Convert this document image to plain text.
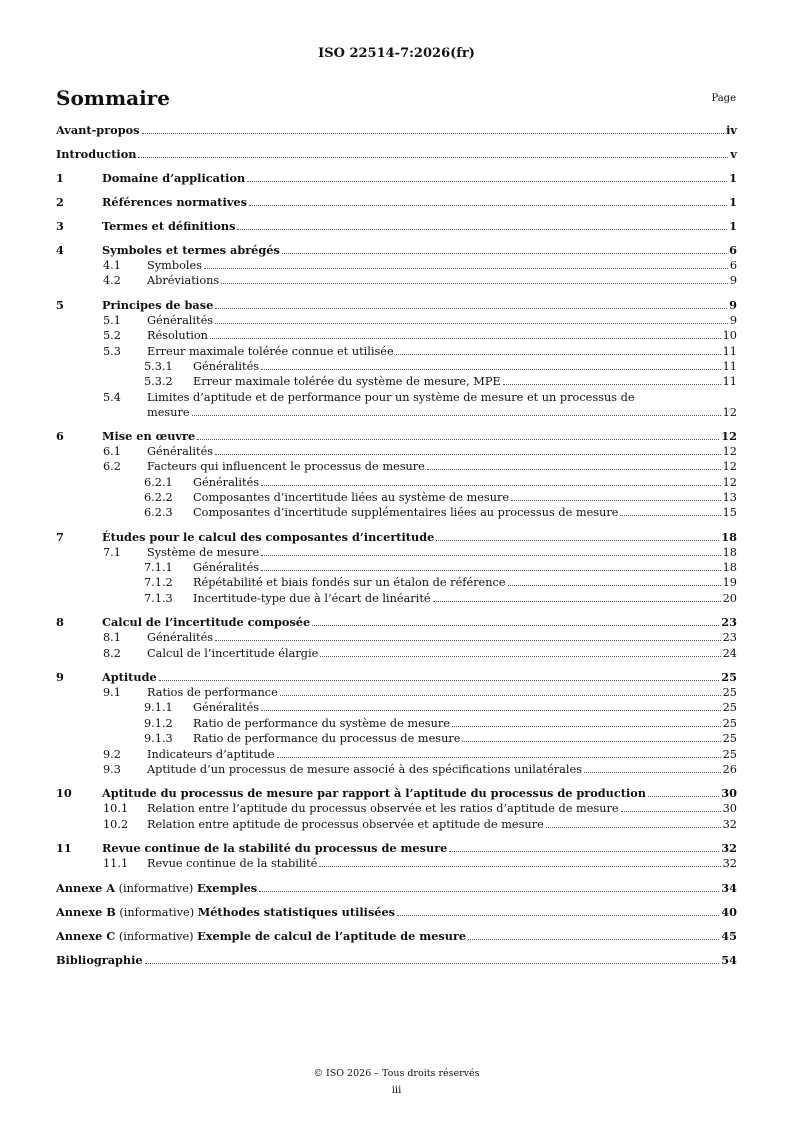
ISO 22514-7:2026(fr)
Sommaire	Page
Avant-propos	iv
Introduction	v
1	Domaine d’application	1
2	Références normatives	1
3	Termes et définitions	1
4	Symboles et termes abrégés	6
4.1 Symboles	6
4.2 Abréviations	9
5	Principes de base	9
5.1 Généralités	9
5.2 Résolution	10
5.3 Erreur maximale tolérée connue et utilisée	11
5.3.1 Généralités	11
5.3.2 Erreur maximale tolérée du système de mesure, MPE	11
5.4 Limites d’aptitude et de performance pour un système de mesure et un processus de
mesure	12
6	Mise en œuvre	12
6.1 Généralités	12
6.2 Facteurs qui influencent le processus de mesure	12
6.2.1 Généralités	12
6.2.2 Composantes d’incertitude liées au système de mesure	13
6.2.3 Composantes d’incertitude supplémentaires liées au processus de mesure	15
7	Études pour le calcul des composantes d’incertitude	18
7.1 Système de mesure	18
7.1.1 Généralités	18
7.1.2 Répétabilité et biais fondés sur un étalon de référence	19
7.1.3 Incertitude-type due à l’écart de linéarité	20
8	Calcul de l’incertitude composée	23
8.1 Généralités	23
8.2 Calcul de l’incertitude élargie	24
9	Aptitude	25
9.1 Ratios de performance	25
9.1.1 Généralités	25
9.1.2 Ratio de performance du système de mesure	25
9.1.3 Ratio de performance du processus de mesure	25
9.2 Indicateurs d’aptitude	25
9.3 Aptitude d’un processus de mesure associé à des spécifications unilatérales	26
10	Aptitude du processus de mesure par rapport à l’aptitude du processus de production	30
10.1 Relation entre l’aptitude du processus observée et les ratios d’aptitude de mesure	30
10.2 Relation entre aptitude de processus observée et aptitude de mesure	32
11	Revue continue de la stabilité du processus de mesure	32
11.1 Revue continue de la stabilité	32
Annexe A (informative) Exemples	34
Annexe B (informative) Méthodes statistiques utilisées	40
Annexe C (informative) Exemple de calcul de l’aptitude de mesure	45
Bibliographie	54
© ISO 2026 – Tous droits réservés
iii
